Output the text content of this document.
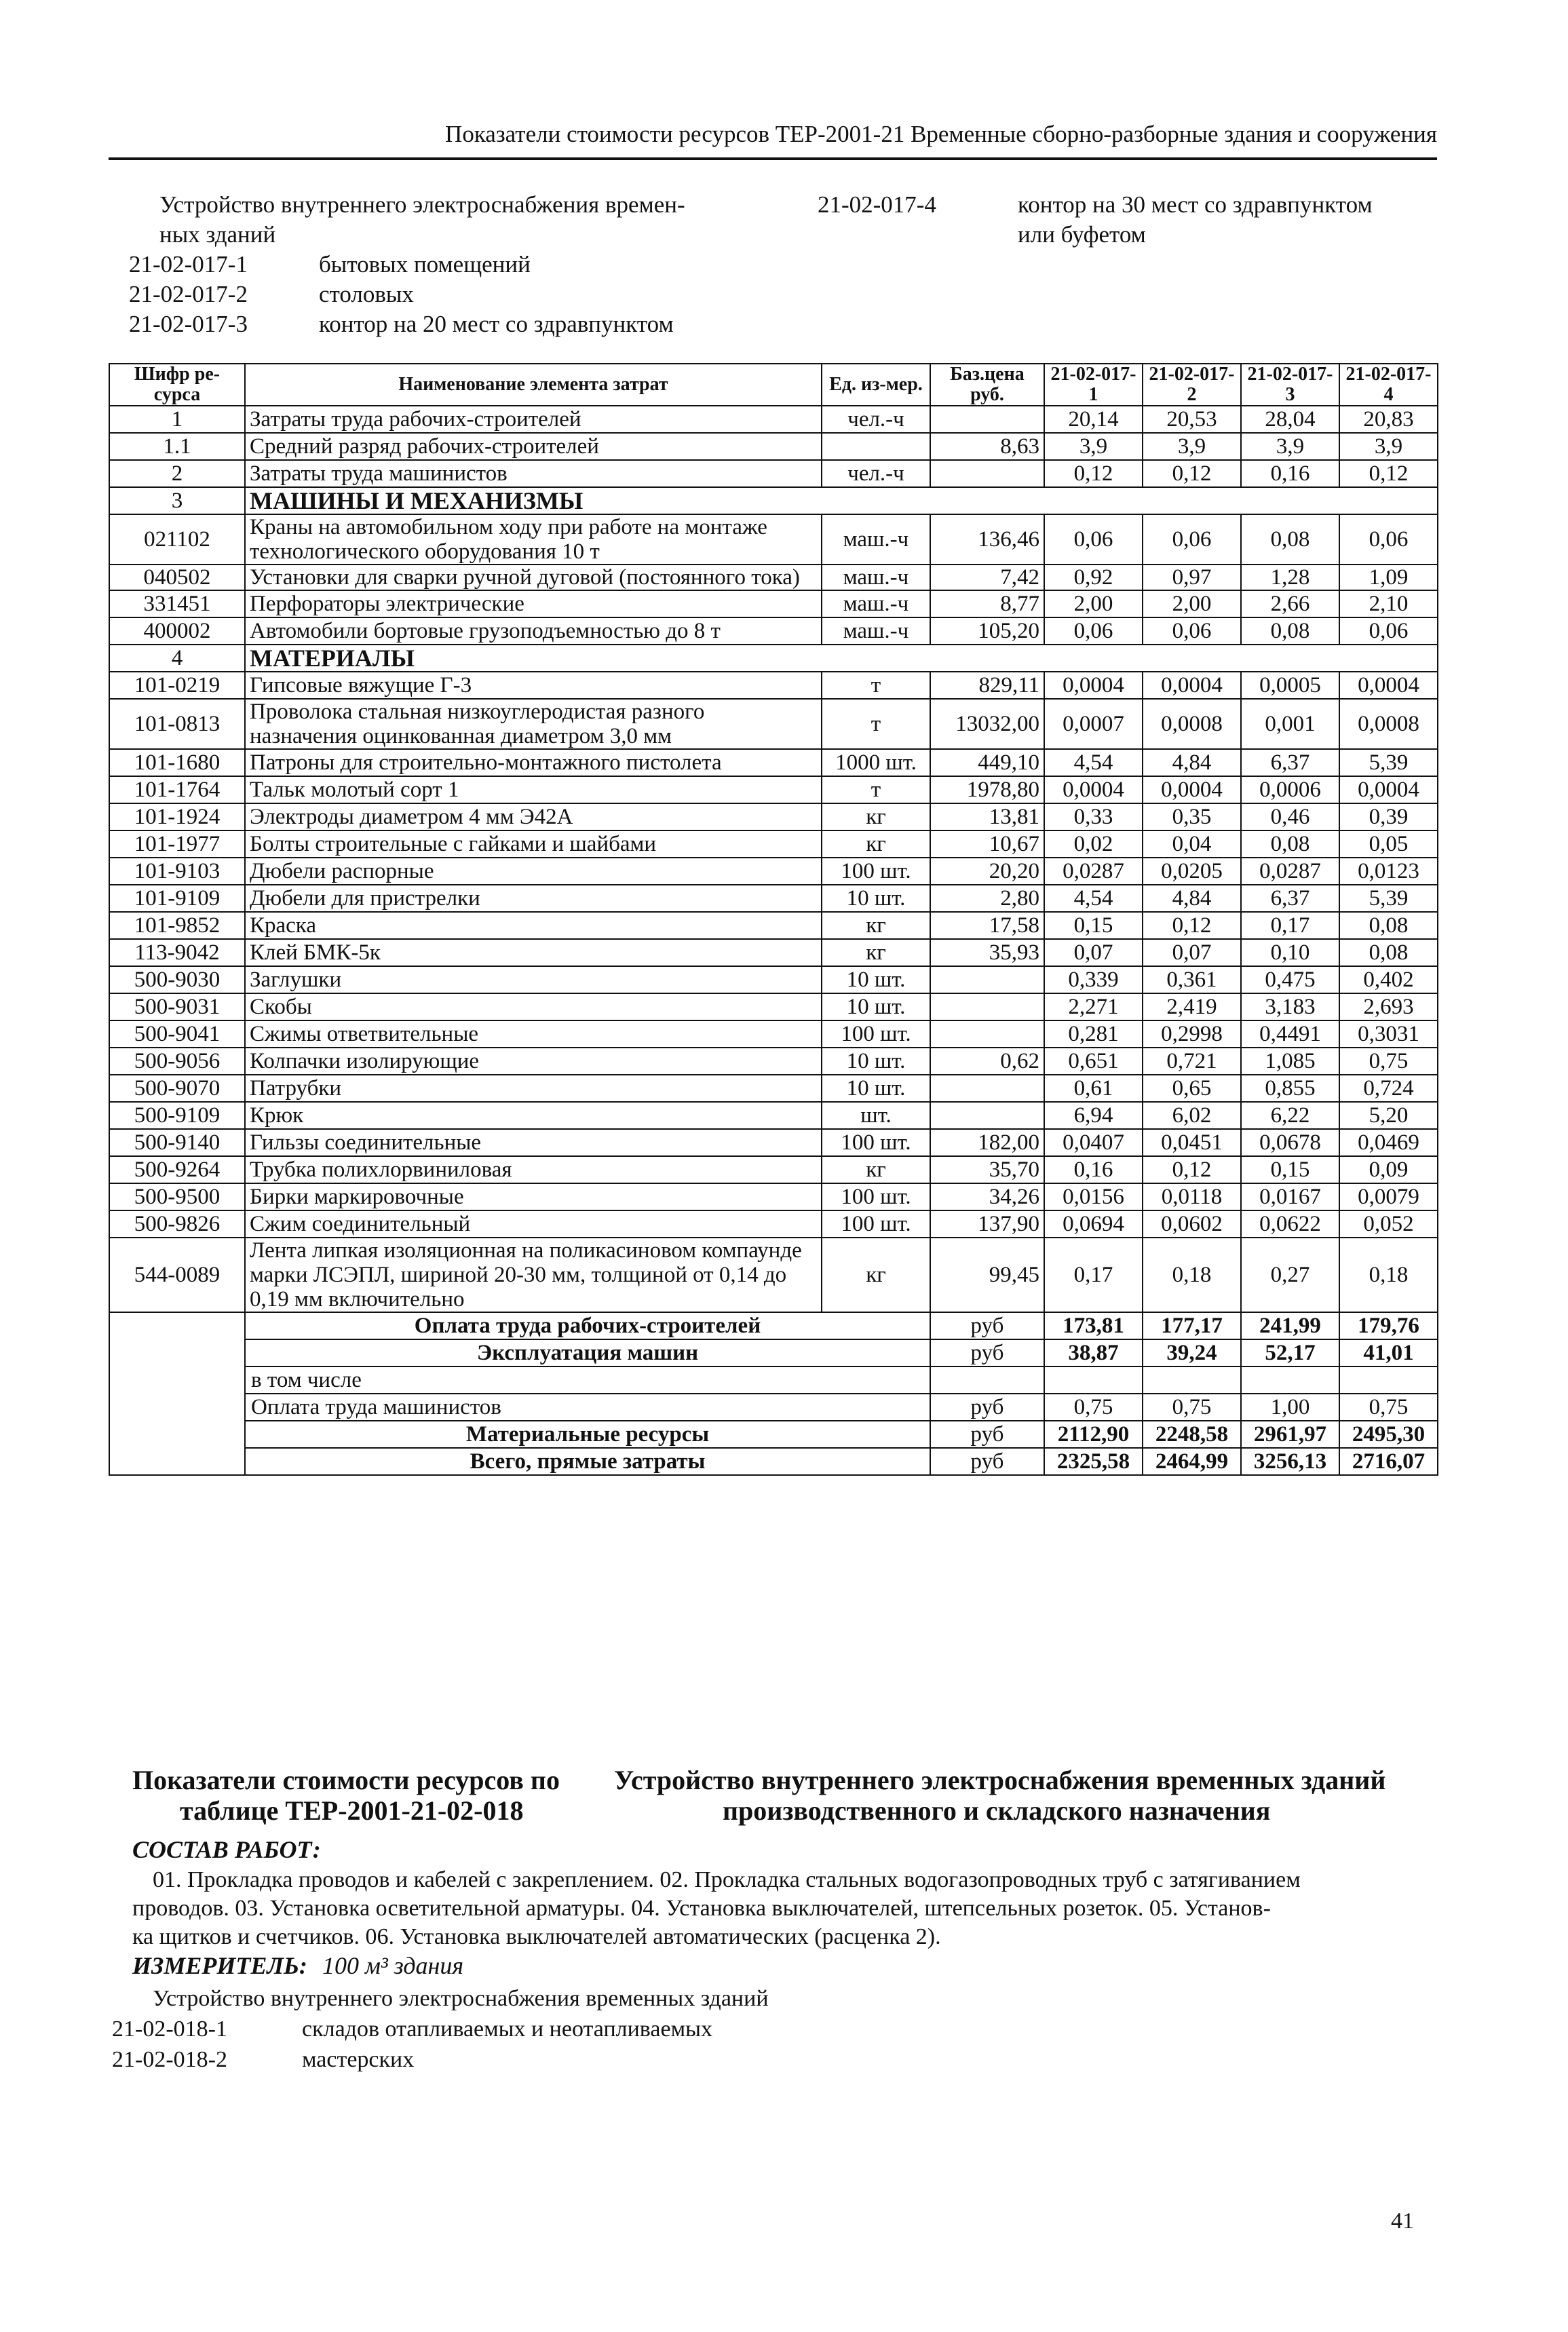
Показатели стоимости ресурсов ТЕР-2001-21 Временные сборно-разборные здания и сооружения
Устройство внутреннего электроснабжения времен-
ных зданий
21-02-017-1	бытовых помещений
21-02-017-2	столовых
21-02-017-3	контор на 20 мест со здравпунктом
21-02-017-4	контор на 30 мест со здравпунктом
или буфетом
Шифр ре-сурса	Наименование элемента затрат	Ед. из-мер.	Баз.цена руб.	21-02-017-1	21-02-017-2	21-02-017-3	21-02-017-4
1	Затраты труда рабочих-строителей	чел.-ч		20,14	20,53	28,04	20,83
1.1	Средний разряд рабочих-строителей		8,63	3,9	3,9	3,9	3,9
2	Затраты труда машинистов	чел.-ч		0,12	0,12	0,16	0,12
3	МАШИНЫ И МЕХАНИЗМЫ						
021102	Краны на автомобильном ходу при работе на монтаже технологического оборудования 10 т	маш.-ч	136,46	0,06	0,06	0,08	0,06
040502	Установки для сварки ручной дуговой (постоянного тока)	маш.-ч	7,42	0,92	0,97	1,28	1,09
331451	Перфораторы электрические	маш.-ч	8,77	2,00	2,00	2,66	2,10
400002	Автомобили бортовые грузоподъемностью до 8 т	маш.-ч	105,20	0,06	0,06	0,08	0,06
4	МАТЕРИАЛЫ						
101-0219	Гипсовые вяжущие Г-3	т	829,11	0,0004	0,0004	0,0005	0,0004
101-0813	Проволока стальная низкоуглеродистая разного назначения оцинкованная диаметром 3,0 мм	т	13032,00	0,0007	0,0008	0,001	0,0008
101-1680	Патроны для строительно-монтажного пистолета	1000 шт.	449,10	4,54	4,84	6,37	5,39
101-1764	Тальк молотый сорт 1	т	1978,80	0,0004	0,0004	0,0006	0,0004
101-1924	Электроды диаметром 4 мм Э42А	кг	13,81	0,33	0,35	0,46	0,39
101-1977	Болты строительные с гайками и шайбами	кг	10,67	0,02	0,04	0,08	0,05
101-9103	Дюбели распорные	100 шт.	20,20	0,0287	0,0205	0,0287	0,0123
101-9109	Дюбели для пристрелки	10 шт.	2,80	4,54	4,84	6,37	5,39
101-9852	Краска	кг	17,58	0,15	0,12	0,17	0,08
113-9042	Клей БМК-5к	кг	35,93	0,07	0,07	0,10	0,08
500-9030	Заглушки	10 шт.		0,339	0,361	0,475	0,402
500-9031	Скобы	10 шт.		2,271	2,419	3,183	2,693
500-9041	Сжимы ответвительные	100 шт.		0,281	0,2998	0,4491	0,3031
500-9056	Колпачки изолирующие	10 шт.	0,62	0,651	0,721	1,085	0,75
500-9070	Патрубки	10 шт.		0,61	0,65	0,855	0,724
500-9109	Крюк	шт.		6,94	6,02	6,22	5,20
500-9140	Гильзы соединительные	100 шт.	182,00	0,0407	0,0451	0,0678	0,0469
500-9264	Трубка полихлорвиниловая	кг	35,70	0,16	0,12	0,15	0,09
500-9500	Бирки маркировочные	100 шт.	34,26	0,0156	0,0118	0,0167	0,0079
500-9826	Сжим соединительный	100 шт.	137,90	0,0694	0,0602	0,0622	0,052
544-0089	Лента липкая изоляционная на поликасиновом компаунде марки ЛСЭПЛ, шириной 20-30 мм, толщиной от 0,14 до 0,19 мм включительно	кг	99,45	0,17	0,18	0,27	0,18
	Оплата труда рабочих-строителей		руб	173,81	177,17	241,99	179,76
	Эксплуатация машин		руб	38,87	39,24	52,17	41,01
	в том числе						
	Оплата труда машинистов		руб	0,75	0,75	1,00	0,75
	Материальные ресурсы		руб	2112,90	2248,58	2961,97	2495,30
	Всего, прямые затраты		руб	2325,58	2464,99	3256,13	2716,07
Показатели стоимости ресурсов по
таблице ТЕР-2001-21-02-018
Устройство внутреннего электроснабжения временных зданий
производственного и складского назначения
СОСТАВ РАБОТ:
01. Прокладка проводов и кабелей с закреплением. 02. Прокладка стальных водогазопроводных труб с затягиванием
проводов. 03. Установка осветительной арматуры. 04. Установка выключателей, штепсельных розеток. 05. Установ-
ка щитков и счетчиков. 06. Установка выключателей автоматических (расценка 2).
ИЗМЕРИТЕЛЬ: 100 м³ здания
Устройство внутреннего электроснабжения временных зданий
21-02-018-1	складов отапливаемых и неотапливаемых
21-02-018-2	мастерских
41
